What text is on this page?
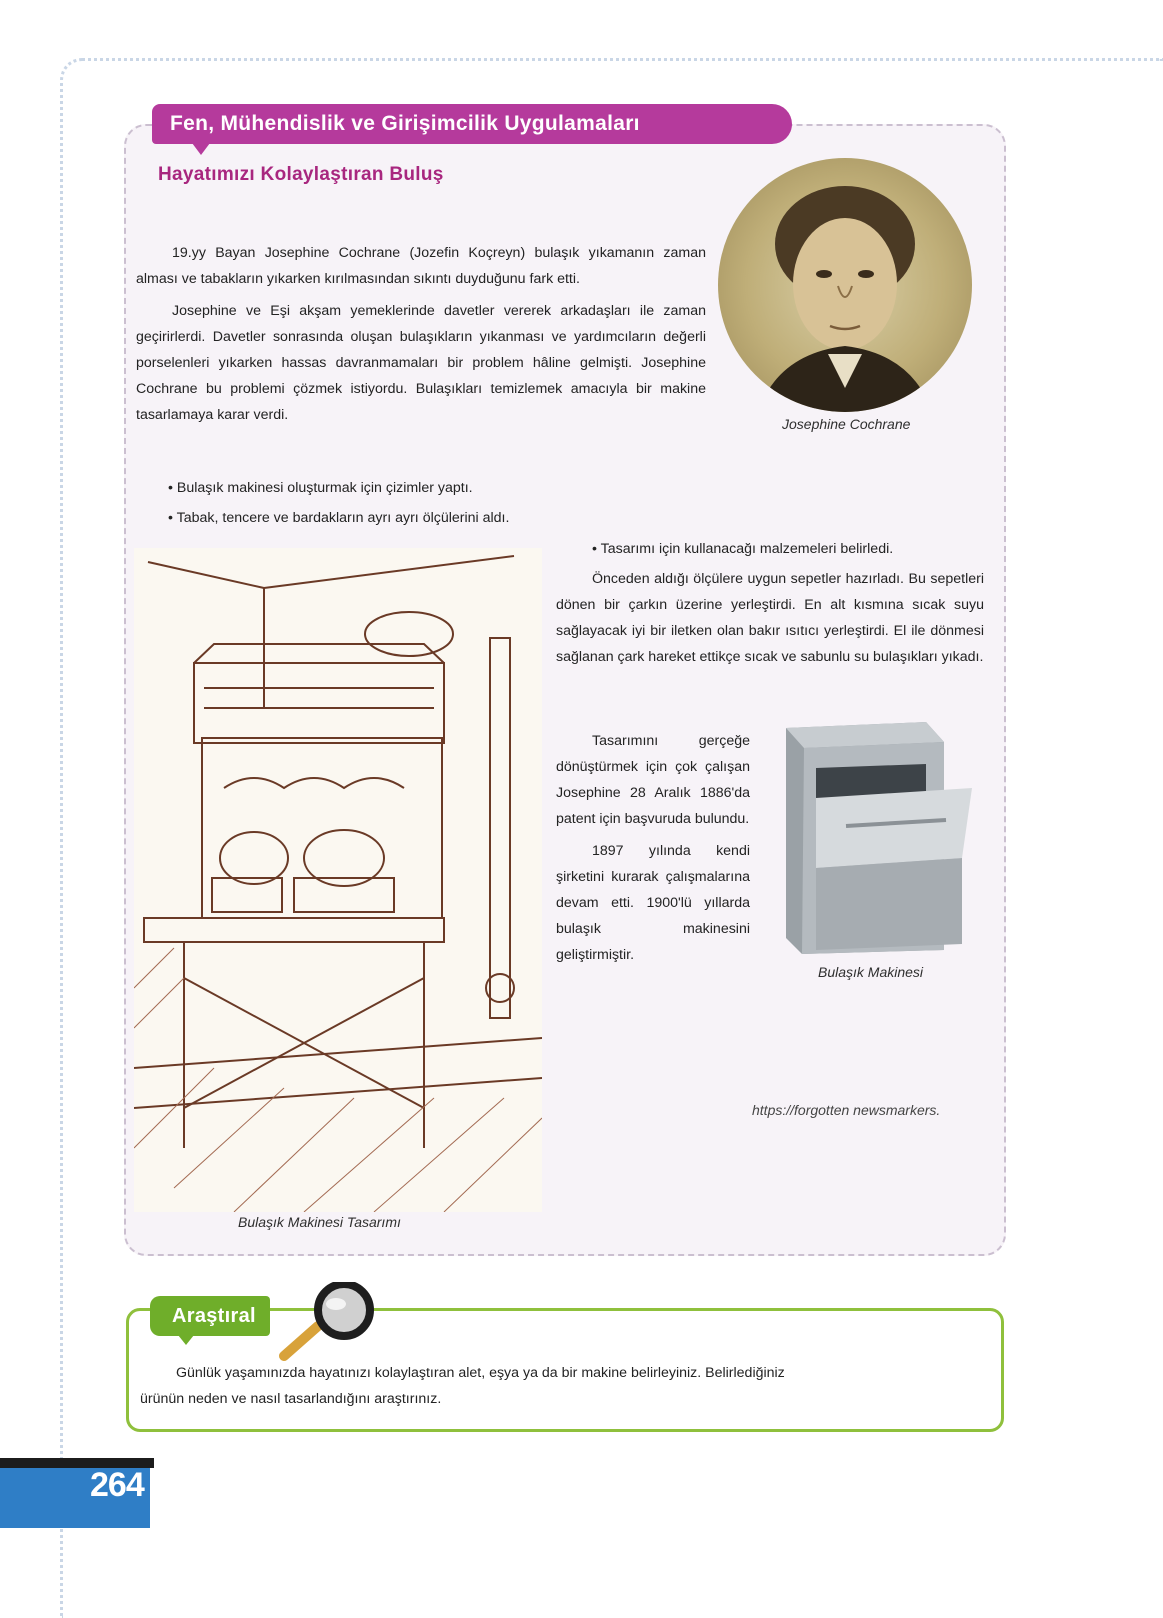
Fen, Mühendislik ve Girişimcilik Uygulamaları
Hayatımızı Kolaylaştıran Buluş

19.yy Bayan Josephine Cochrane (Jozefin Koçreyn) bulaşık yıkamanın zaman alması ve tabakların yıkarken kırılmasından sıkıntı duyduğunu fark etti.

Josephine ve Eşi akşam yemeklerinde davetler vererek arkadaşları ile zaman geçirirlerdi. Davetler sonrasında oluşan bulaşıkların yıkanması ve yardımcıların değerli porselenleri yıkarken hassas davranmamaları bir problem hâline gelmişti. Josephine Cochrane bu problemi çözmek istiyordu. Bulaşıkları temizlemek amacıyla bir makine tasarlamaya karar verdi.

• Bulaşık makinesi oluşturmak için çizimler yaptı.
• Tabak, tencere ve bardakların ayrı ayrı ölçülerini aldı.
• Tasarımı için kullanacağı malzemeleri belirledi.
Josephine Cochrane
Bulaşık Makinesi Tasarımı

Önceden aldığı ölçülere uygun sepetler hazırladı. Bu sepetleri dönen bir çarkın üzerine yerleştirdi. En alt kısmına sıcak suyu sağlayacak iyi bir iletken olan bakır ısıtıcı yerleştirdi. El ile dönmesi sağlanan çark hareket ettikçe sıcak ve sabunlu su bulaşıkları yıkadı.

Tasarımını gerçeğe dönüştürmek için çok çalışan Josephine 28 Aralık 1886'da patent için başvuruda bulundu.

1897 yılında kendi şirketini kurarak çalışmalarına devam etti. 1900'lü yıllarda bulaşık makinesini geliştirmiştir.

Bulaşık Makinesi
https://forgotten newsmarkers.
Araştıral
Günlük yaşamınızda hayatınızı kolaylaştıran alet, eşya ya da bir makine belirleyiniz. Belirlediğiniz
ürünün neden ve nasıl tasarlandığını araştırınız.
264
